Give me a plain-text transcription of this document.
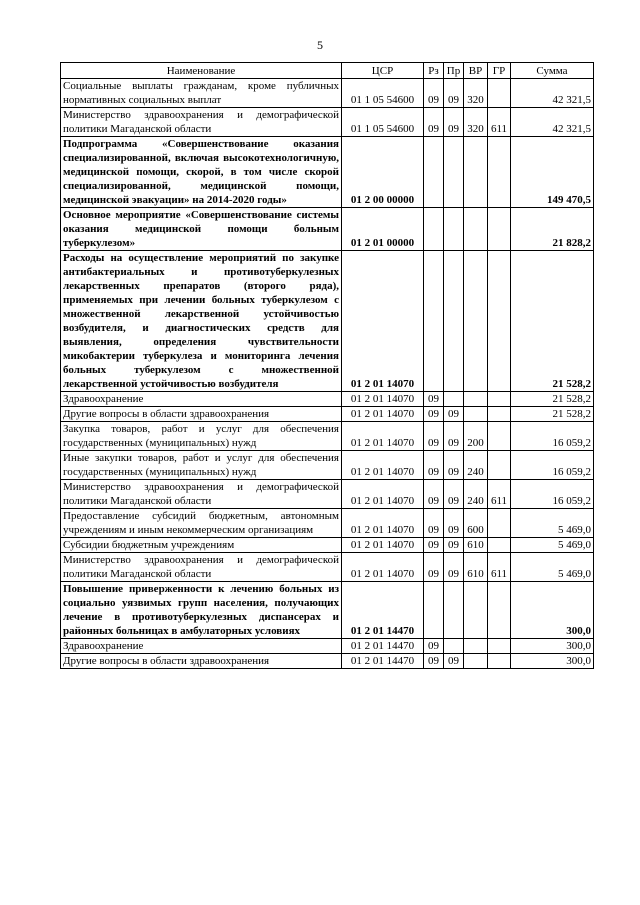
5
Наименование	ЦСР	Рз	Пр	ВР	ГР	Сумма
Социальные выплаты гражданам, кроме публичных нормативных социальных выплат	01 1 05 54600	09	09	320		42 321,5
Министерство здравоохранения и демографической политики Магаданской области	01 1 05 54600	09	09	320	611	42 321,5
Подпрограмма «Совершенствование оказания специализированной, включая высокотехнологичную, медицинской помощи, скорой, в том числе скорой специализированной, медицинской помощи, медицинской эвакуации» на 2014-2020 годы»	01 2 00 00000					149 470,5
Основное мероприятие «Совершенствование системы оказания медицинской помощи больным туберкулезом»	01 2 01 00000					21 828,2
Расходы на осуществление мероприятий по закупке антибактериальных и противотуберкулезных лекарственных препаратов (второго ряда), применяемых при лечении больных туберкулезом с множественной лекарственной устойчивостью возбудителя, и диагностических средств для выявления, определения чувствительности микобактерии туберкулеза и мониторинга лечения больных туберкулезом с множественной лекарственной устойчивостью возбудителя	01 2 01 14070					21 528,2
Здравоохранение	01 2 01 14070	09				21 528,2
Другие вопросы в области здравоохранения	01 2 01 14070	09	09			21 528,2
Закупка товаров, работ и услуг для обеспечения государственных (муниципальных) нужд	01 2 01 14070	09	09	200		16 059,2
Иные закупки товаров, работ и услуг для обеспечения государственных (муниципальных) нужд	01 2 01 14070	09	09	240		16 059,2
Министерство здравоохранения и демографической политики Магаданской области	01 2 01 14070	09	09	240	611	16 059,2
Предоставление субсидий бюджетным, автономным учреждениям и иным некоммерческим организациям	01 2 01 14070	09	09	600		5 469,0
Субсидии бюджетным учреждениям	01 2 01 14070	09	09	610		5 469,0
Министерство здравоохранения и демографической политики Магаданской области	01 2 01 14070	09	09	610	611	5 469,0
Повышение приверженности к лечению больных из социально уязвимых групп населения, получающих лечение в противотуберкулезных диспансерах и районных больницах в амбулаторных условиях	01 2 01 14470					300,0
Здравоохранение	01 2 01 14470	09				300,0
Другие вопросы в области здравоохранения	01 2 01 14470	09	09			300,0
